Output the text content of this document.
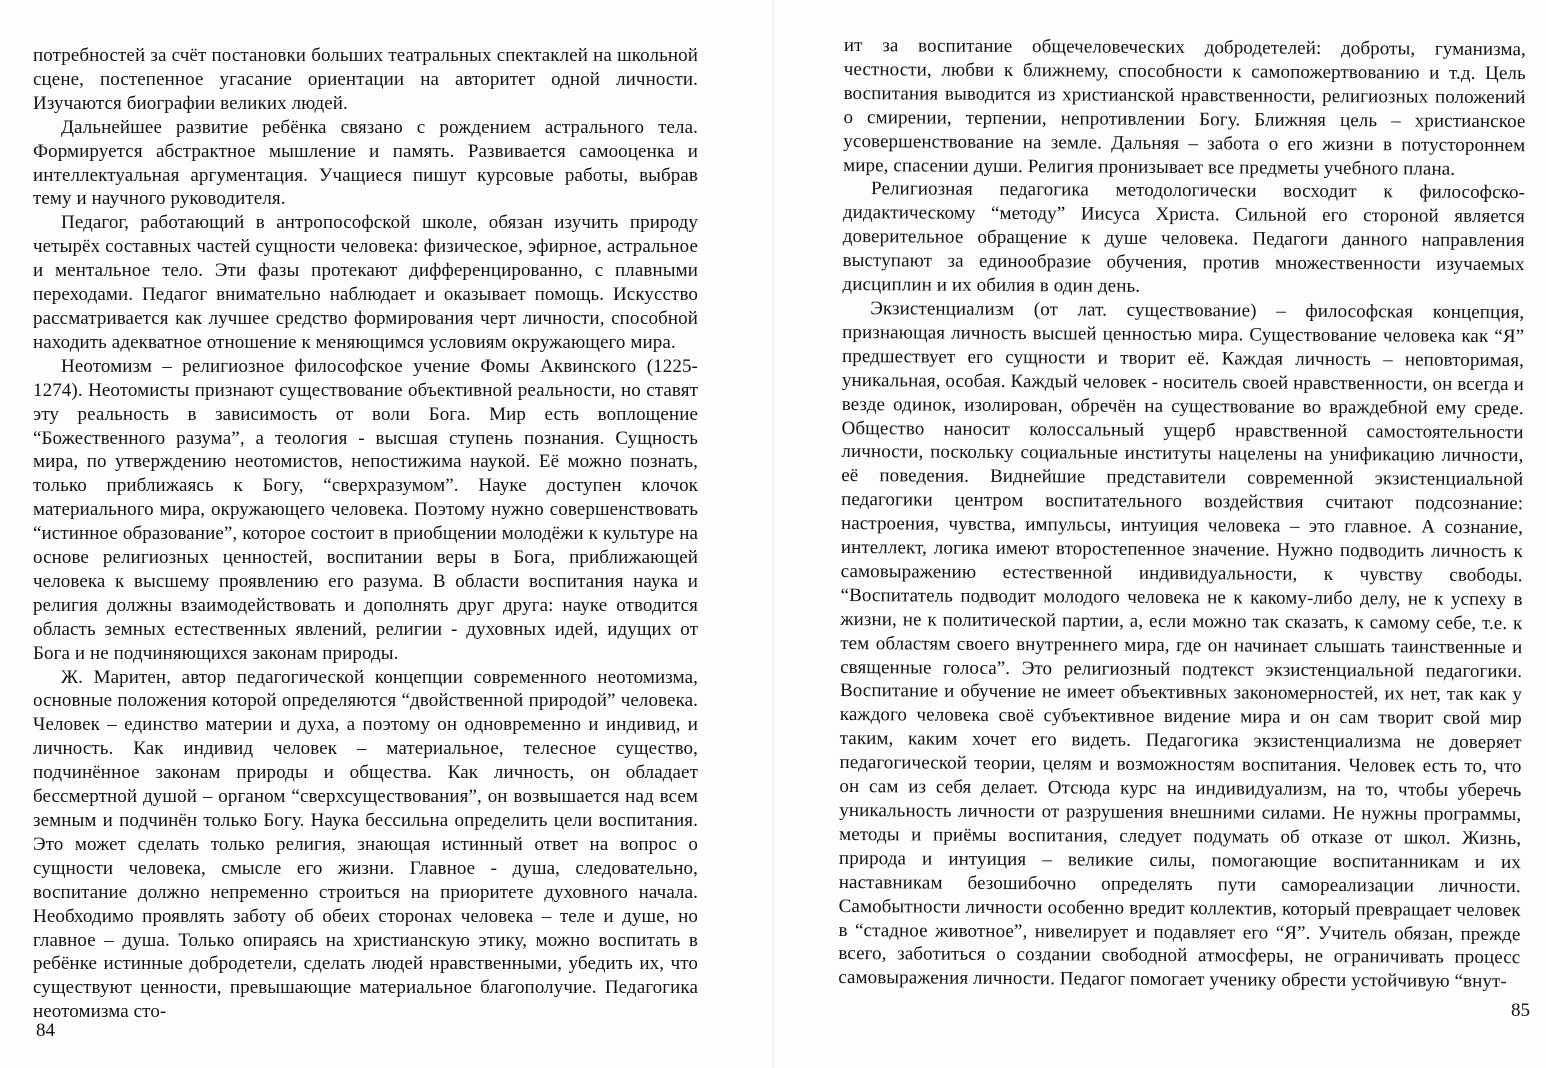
потребностей за счёт постановки больших театральных спектаклей на школьной сцене, постепенное угасание ориентации на авторитет одной личности. Изучаются биографии великих людей.

Дальнейшее развитие ребёнка связано с рождением астрального тела. Формируется абстрактное мышление и память. Развивается самооценка и интеллектуальная аргументация. Учащиеся пишут курсовые работы, выбрав тему и научного руководителя.

Педагог, работающий в антропософской школе, обязан изучить природу четырёх составных частей сущности человека: физическое, эфирное, астральное и ментальное тело. Эти фазы протекают дифференцированно, с плавными переходами. Педагог внимательно наблюдает и оказывает помощь. Искусство рассматривается как лучшее средство формирования черт личности, способной находить адекватное отношение к меняющимся условиям окружающего мира.

Неотомизм – религиозное философское учение Фомы Аквинского (1225-1274). Неотомисты признают существование объективной реальности, но ставят эту реальность в зависимость от воли Бога. Мир есть воплощение “Божественного разума”, а теология - высшая ступень познания. Сущность мира, по утверждению неотомистов, непостижима наукой. Её можно познать, только приближаясь к Богу, “сверхразумом”. Науке доступен клочок материального мира, окружающего человека. Поэтому нужно совершенствовать “истинное образование”, которое состоит в приобщении молодёжи к культуре на основе религиозных ценностей, воспитании веры в Бога, приближающей человека к высшему проявлению его разума. В области воспитания наука и религия должны взаимодействовать и дополнять друг друга: науке отводится область земных естественных явлений, религии - духовных идей, идущих от Бога и не подчиняющихся законам природы.

Ж. Маритен, автор педагогической концепции современного неотомизма, основные положения которой определяются “двойственной природой” человека. Человек – единство материи и духа, а поэтому он одновременно и индивид, и личность. Как индивид человек – материальное, телесное существо, подчинённое законам природы и общества. Как личность, он обладает бессмертной душой – органом “сверхсуществования”, он возвышается над всем земным и подчинён только Богу. Наука бессильна определить цели воспитания. Это может сделать только религия, знающая истинный ответ на вопрос о сущности человека, смысле его жизни. Главное - душа, следовательно, воспитание должно непременно строиться на приоритете духовного начала. Необходимо проявлять заботу об обеих сторонах человека – теле и душе, но главное – душа. Только опираясь на христианскую этику, можно воспитать в ребёнке истинные добродетели, сделать людей нравственными, убедить их, что существуют ценности, превышающие материальное благополучие. Педагогика неотомизма сто-

84

ит за воспитание общечеловеческих добродетелей: доброты, гуманизма, честности, любви к ближнему, способности к самопожертвованию и т.д. Цель воспитания выводится из христианской нравственности, религиозных положений о смирении, терпении, непротивлении Богу. Ближняя цель – христианское усовершенствование на земле. Дальняя – забота о его жизни в потустороннем мире, спасении души. Религия пронизывает все предметы учебного плана.

Религиозная педагогика методологически восходит к философско-дидактическому “методу” Иисуса Христа. Сильной его стороной является доверительное обращение к душе человека. Педагоги данного направления выступают за единообразие обучения, против множественности изучаемых дисциплин и их обилия в один день.

Экзистенциализм (от лат. существование) – философская концепция, признающая личность высшей ценностью мира. Существование человека как “Я” предшествует его сущности и творит её. Каждая личность – неповторимая, уникальная, особая. Каждый человек - носитель своей нравственности, он всегда и везде одинок, изолирован, обречён на существование во враждебной ему среде. Общество наносит колоссальный ущерб нравственной самостоятельности личности, поскольку социальные институты нацелены на унификацию личности, её поведения. Виднейшие представители современной экзистенциальной педагогики центром воспитательного воздействия считают подсознание: настроения, чувства, импульсы, интуиция человека – это главное. А сознание, интеллект, логика имеют второстепенное значение. Нужно подводить личность к самовыражению естественной индивидуальности, к чувству свободы. “Воспитатель подводит молодого человека не к какому-либо делу, не к успеху в жизни, не к политической партии, а, если можно так сказать, к самому себе, т.е. к тем областям своего внутреннего мира, где он начинает слышать таинственные и священные голоса”. Это религиозный подтекст экзистенциальной педагогики. Воспитание и обучение не имеет объективных закономерностей, их нет, так как у каждого человека своё субъективное видение мира и он сам творит свой мир таким, каким хочет его видеть. Педагогика экзистенциализма не доверяет педагогической теории, целям и возможностям воспитания. Человек есть то, что он сам из себя делает. Отсюда курс на индивидуализм, на то, чтобы уберечь уникальность личности от разрушения внешними силами. Не нужны программы, методы и приёмы воспитания, следует подумать об отказе от школ. Жизнь, природа и интуиция – великие силы, помогающие воспитанникам и их наставникам безошибочно определять пути самореализации личности. Самобытности личности особенно вредит коллектив, который превращает человек в “стадное животное”, нивелирует и подавляет его “Я”. Учитель обязан, прежде всего, заботиться о создании свободной атмосферы, не ограничивать процесс самовыражения личности. Педагог помогает ученику обрести устойчивую “внут-

85
